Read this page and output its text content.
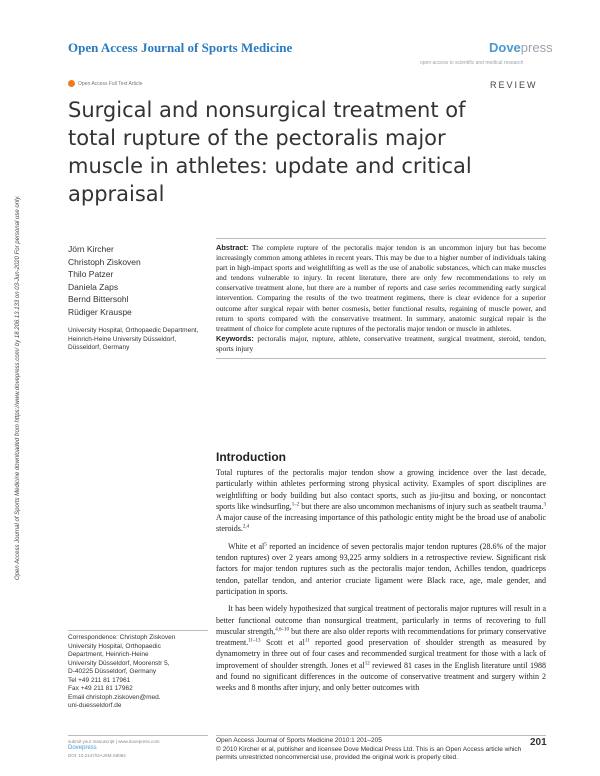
Open Access Journal of Sports Medicine	Dovepress
open access to scientific and medical research
Open Access Full Text Article	REVIEW
Surgical and nonsurgical treatment of total rupture of the pectoralis major muscle in athletes: update and critical appraisal
Open Access Journal of Sports Medicine downloaded from https://www.dovepress.com/ by 18.206.13.133 on 03-Jun-2020 For personal use only.	Jörn Kircher
Christoph Ziskoven
Thilo Patzer
Daniela Zaps
Bernd Bittersohl
Rüdiger Krauspe
University Hospital, Orthopaedic Department, Heinrich-Heine University Düsseldorf, Düsseldorf, Germany

Abstract: The complete rupture of the pectoralis major tendon is an uncommon injury but has become increasingly common among athletes in recent years. This may be due to a higher number of individuals taking part in high-impact sports and weightlifting as well as the use of anabolic substances, which can make muscles and tendons vulnerable to injury. In recent literature, there are only few recommendations to rely on conservative treatment alone, but there are a number of reports and case series recommending early surgical intervention. Comparing the results of the two treatment regimens, there is clear evidence for a superior outcome after surgical repair with better cosmesis, better functional results, regaining of muscle power, and return to sports compared with the conservative treatment. In summary, anatomic surgical repair is the treatment of choice for complete acute ruptures of the pectoralis major tendon or muscle in athletes.

Keywords: pectoralis major, rupture, athlete, conservative treatment, surgical treatment, steroid, tendon, sports injury

Introduction

Total ruptures of the pectoralis major tendon show a growing incidence over the last decade, particularly within athletes performing strong physical activity. Examples of sport disciplines are weightlifting or body building but also contact sports, such as jiu-jitsu and boxing, or noncontact sports like windsurfing,$^{1-2}$ but there are also uncommon mechanisms of injury such as seatbelt trauma.$^3$ A major cause of the increasing importance of this pathologic entity might be the broad use of anabolic steroids.$^{2,4}$

White et $al^5$ reported an incidence of seven pectoralis major tendon ruptures (28.6% of the major tendon ruptures) over 2 years among 93,225 army soldiers in a retrospective review. Significant risk factors for major tendon ruptures such as the pectoralis major tendon, Achilles tendon, quadriceps tendon, patellar tendon, and anterior cruciate ligament were Black race, age, male gender, and participation in sports.

It has been widely hypothesized that surgical treatment of pectoralis major ruptures will result in a better functional outcome than nonsurgical treatment, particularly in terms of recovering to full muscular strength,$^{4,6-10}$ but there are also older reports with recommendations for primary conservative treatment.$^{11-13}$ Scott et $al^{11}$ reported good preservation of shoulder strength as measured by dynamometry in three out of four cases and recommended surgical treatment for those with a lack of improvement of shoulder strength. Jones et $al^{12}$ reviewed 81 cases in the English literature until 1988 and found no significant differences in the outcome of conservative treatment and surgery within 2 weeks and 8 months after injury, and only better outcomes with

Correspondence: Christoph Ziskoven
University Hospital, Orthopaedic
Department, Heinrich-Heine
University Düsseldorf, Moorenstr 5,
D-40225 Düsseldorf, Germany
Tel +49 211 81 17961
Fax +49 211 81 17962
Email christoph.ziskoven@med.
uni-duesseldorf.de
submit your manuscript | www.dovepress.com
Dovepress
DOI: 10.2147/OAJSM.S9084
Open Access Journal of Sports Medicine 2010:1 201–205
© 2010 Kircher et al, publisher and licensee Dove Medical Press Ltd. This is an Open Access article which permits unrestricted noncommercial use, provided the original work is properly cited.
201
